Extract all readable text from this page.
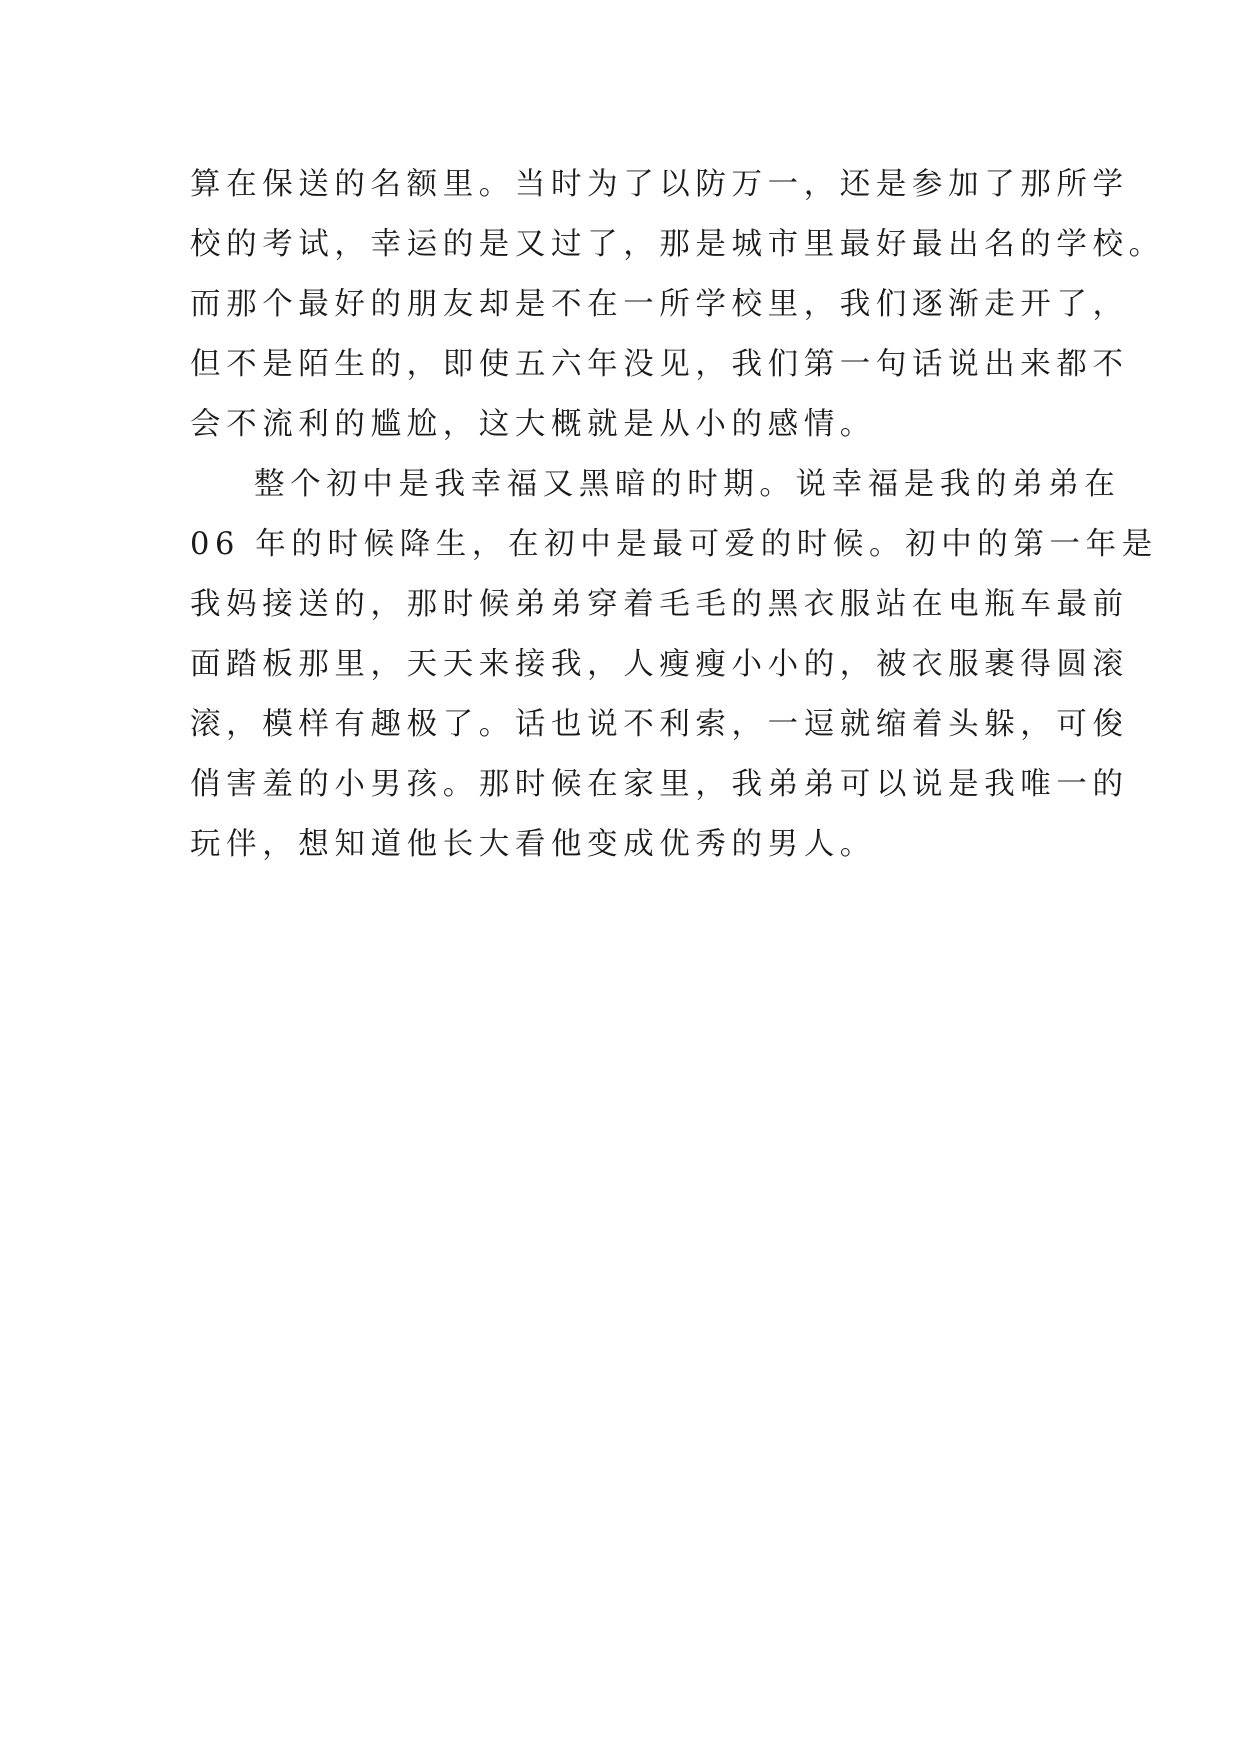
算在保送的名额里。当时为了以防万一，还是参加了那所学
校的考试，幸运的是又过了，那是城市里最好最出名的学校。
而那个最好的朋友却是不在一所学校里，我们逐渐走开了，
但不是陌生的，即使五六年没见，我们第一句话说出来都不
会不流利的尴尬，这大概就是从小的感情。
整个初中是我幸福又黑暗的时期。说幸福是我的弟弟在
06 年的时候降生，在初中是最可爱的时候。初中的第一年是
我妈接送的，那时候弟弟穿着毛毛的黑衣服站在电瓶车最前
面踏板那里，天天来接我，人瘦瘦小小的，被衣服裹得圆滚
滚，模样有趣极了。话也说不利索，一逗就缩着头躲，可俊
俏害羞的小男孩。那时候在家里，我弟弟可以说是我唯一的
玩伴，想知道他长大看他变成优秀的男人。
